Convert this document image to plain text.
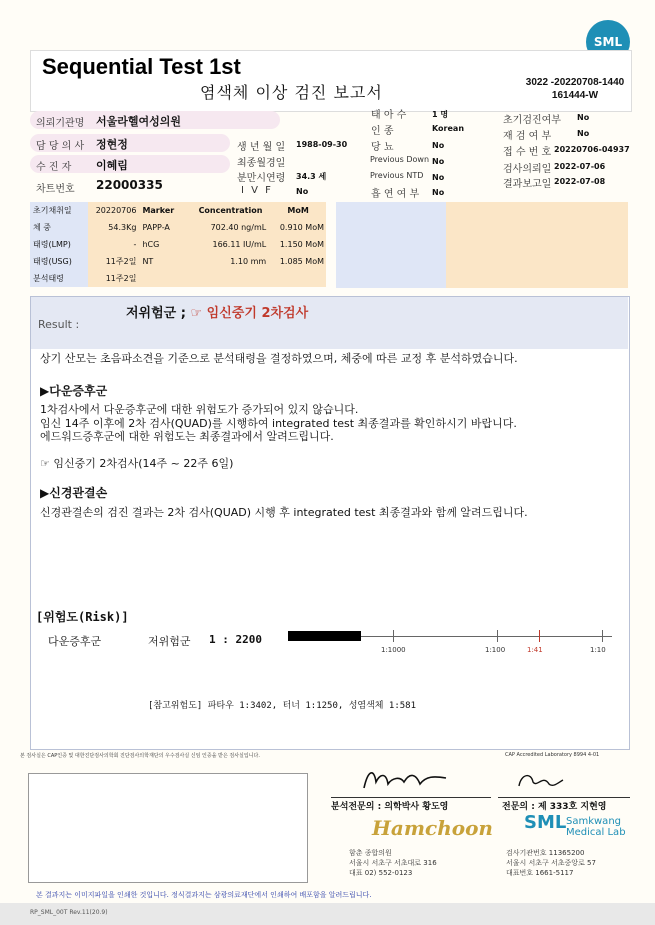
SML
Sequential Test 1st
염색체 이상 검진 보고서
3022 -20220708-1440
161444-W
의뢰기관명 서울라헬여성의원
담 당 의 사 정현정
수 진 자 이혜림
차트번호 22000335
생 년 월 일 1988-09-30
최종월경일
분만시연령 34.3 세
I V F	No
태 아 수	1 명
인 종	Korean
당 뇨	No
Previous Down No
Previous NTD No
흡 연 여 부 No
초기검진여부 No
재 검 여 부	No
접 수 번 호 20220706-04937
검사의뢰일 2022-07-06
결과보고일 2022-07-08
초기채취일	20220706	Marker	Concentration	MoM
체 중	54.3Kg	PAPP-A	702.40 ng/mL	0.910 MoM
태령(LMP)	-	hCG	166.11 IU/mL	1.150 MoM
태령(USG)	11주2일	NT	1.10 mm	1.085 MoM
분석태령	11주2일			
Result :
저위험군 ; ☞ 임신중기 2차검사
상기 산모는 초음파소견을 기준으로 분석태령을 결정하였으며, 체중에 따른 교정 후 분석하였습니다.
▶다운증후군
1차검사에서 다운증후군에 대한 위험도가 증가되어 있지 않습니다.
임신 14주 이후에 2차 검사(QUAD)를 시행하여 integrated test 최종결과를 확인하시기 바랍니다.
에드워드증후군에 대한 위험도는 최종결과에서 알려드립니다.
☞ 임신중기 2차검사(14주 ~ 22주 6일)
▶신경관결손
신경관결손의 검진 결과는 2차 검사(QUAD) 시행 후 integrated test 최종결과와 함께 알려드립니다.
[위험도(Risk)]
다운증후군	저위험군 1 : 2200
1:1000	1:100	1:41	1:10
[참고위험도] 파타우 1:3402, 터너 1:1250, 성염색체 1:581
본 검사실은 CAP인증 및 대한진단검사의학회 진단검사의학재단의 우수검사실 신임 인증을 받은 검사실입니다.	CAP Accredited Laboratory 8994 4-01
분석전문의 : 의학박사 황도영	전문의 : 제 333호 지현영
Hamchoon
함춘 종합의원
서울시 서초구 서초대로 316
대표 02) 552-0123
SML Samkwang
Medical Lab
검사기관번호 11365200
서울시 서초구 서초중앙로 57
대표번호 1661-5117
본 결과지는 이미지파일을 인쇄한 것입니다. 정식결과지는 삼광의료재단에서 인쇄하여 배포함을 알려드립니다.
RP_SML_00T Rev.11(20.9)
